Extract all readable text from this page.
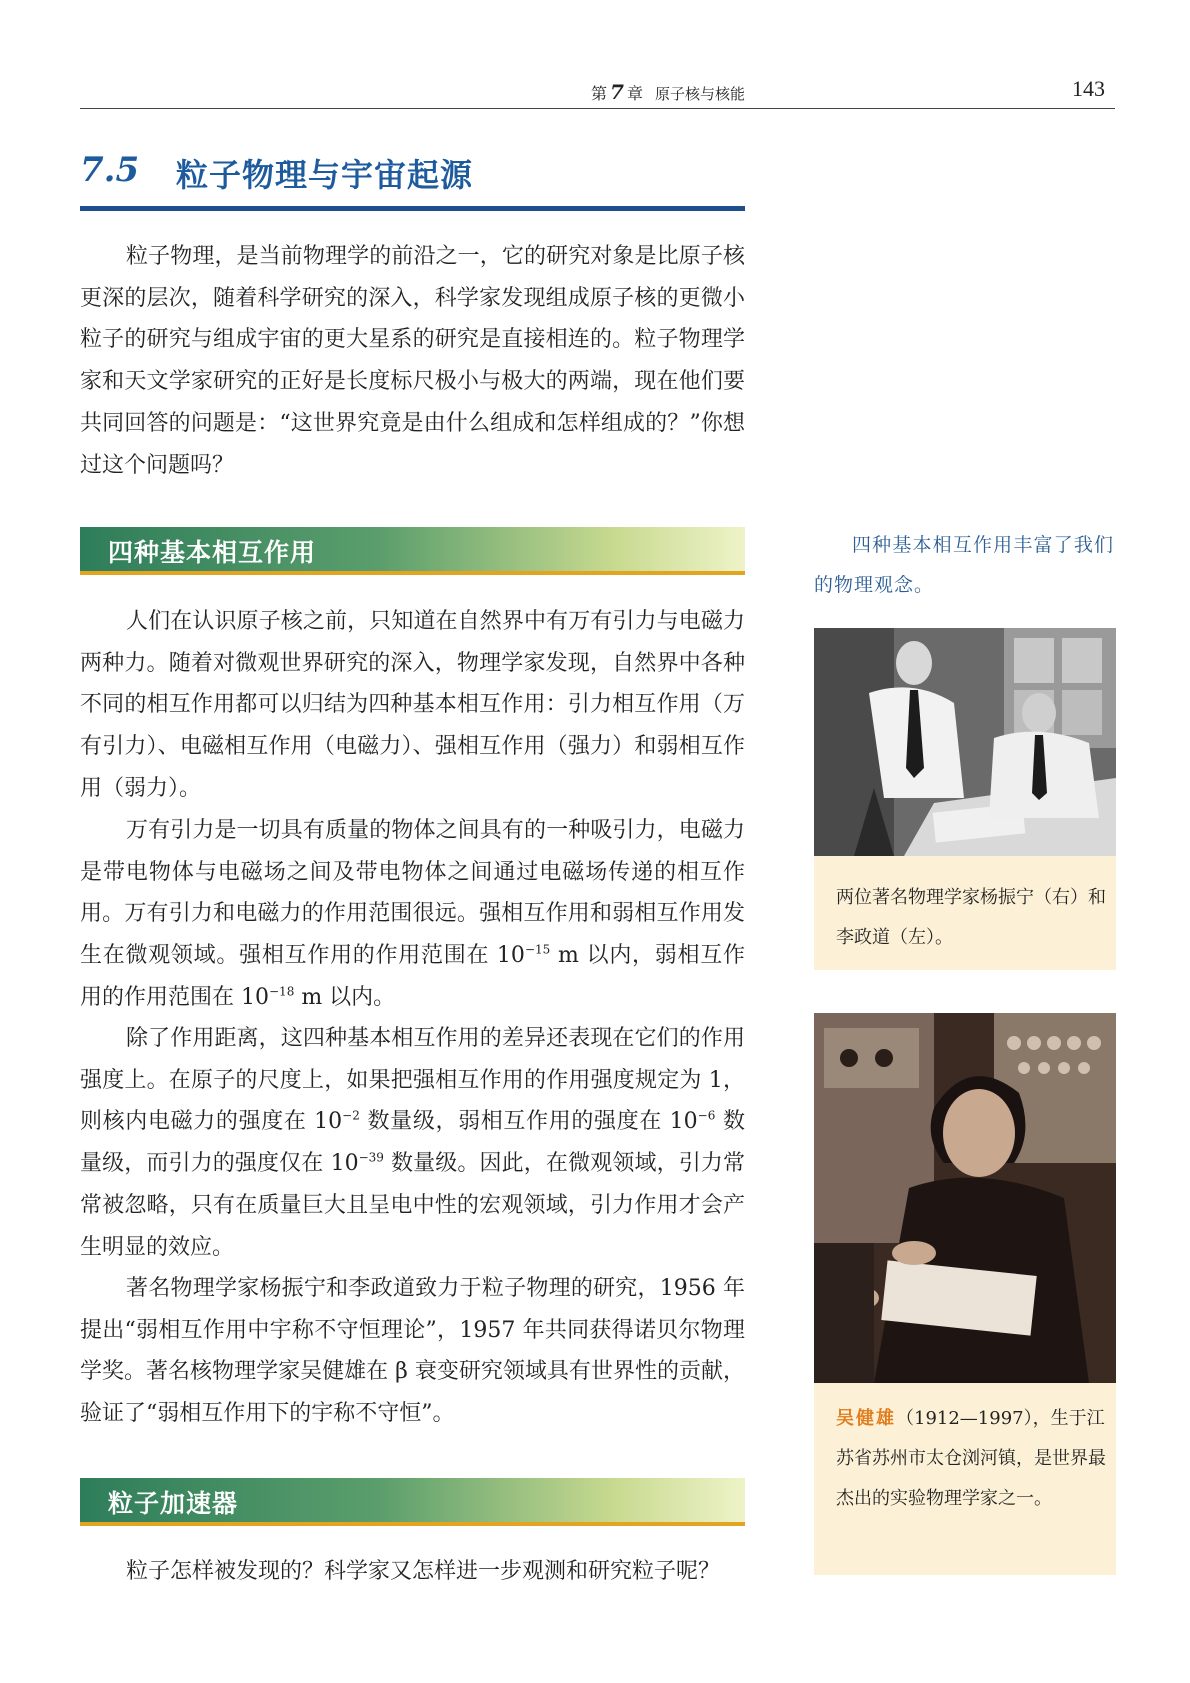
第 7 章 原子核与核能	143
7.5 粒子物理与宇宙起源

粒子物理，是当前物理学的前沿之一，它的研究对象是比原子核更深的层次，随着科学研究的深入，科学家发现组成原子核的更微小粒子的研究与组成宇宙的更大星系的研究是直接相连的。粒子物理学家和天文学家研究的正好是长度标尺极小与极大的两端，现在他们要共同回答的问题是：“这世界究竟是由什么组成和怎样组成的？”你想过这个问题吗？

四种基本相互作用

人们在认识原子核之前，只知道在自然界中有万有引力与电磁力两种力。随着对微观世界研究的深入，物理学家发现，自然界中各种不同的相互作用都可以归结为四种基本相互作用：引力相互作用（万有引力）、电磁相互作用（电磁力）、强相互作用（强力）和弱相互作用（弱力）。

万有引力是一切具有质量的物体之间具有的一种吸引力，电磁力是带电物体与电磁场之间及带电物体之间通过电磁场传递的相互作用。万有引力和电磁力的作用范围很远。强相互作用和弱相互作用发生在微观领域。强相互作用的作用范围在 $10^{-15}$ m 以内，弱相互作用的作用范围在 $10^{-18}$ m 以内。

除了作用距离，这四种基本相互作用的差异还表现在它们的作用强度上。在原子的尺度上，如果把强相互作用的作用强度规定为 1，则核内电磁力的强度在 $10^{-2}$ 数量级，弱相互作用的强度在 $10^{-6}$ 数量级，而引力的强度仅在 $10^{-39}$ 数量级。因此，在微观领域，引力常常被忽略，只有在质量巨大且呈电中性的宏观领域，引力作用才会产生明显的效应。

著名物理学家杨振宁和李政道致力于粒子物理的研究，1956 年提出“弱相互作用中宇称不守恒理论”，1957 年共同获得诺贝尔物理学奖。著名核物理学家吴健雄在 β 衰变研究领域具有世界性的贡献，验证了“弱相互作用下的宇称不守恒”。

粒子加速器

粒子怎样被发现的？科学家又怎样进一步观测和研究粒子呢？

四种基本相互作用丰富了我们的物理观念。

两位著名物理学家杨振宁（右）和李政道（左）。

吴健雄（1912—1997），生于江苏省苏州市太仓浏河镇，是世界最杰出的实验物理学家之一。
